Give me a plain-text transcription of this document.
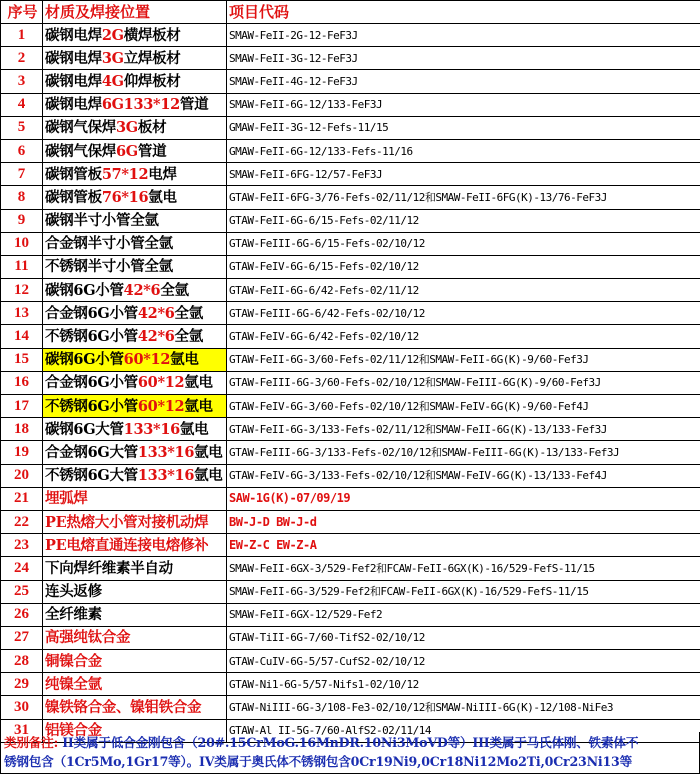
序号	材质及焊接位置	项目代码
1	碳钢电焊2G横焊板材	SMAW-FeII-2G-12-FeF3J
2	碳钢电焊3G立焊板材	SMAW-FeII-3G-12-FeF3J
3	碳钢电焊4G仰焊板材	SMAW-FeII-4G-12-FeF3J
4	碳钢电焊6G133*12管道	SMAW-FeII-6G-12/133-FeF3J
5	碳钢气保焊3G板材	GMAW-FeII-3G-12-Fefs-11/15
6	碳钢气保焊6G管道	GMAW-FeII-6G-12/133-Fefs-11/16
7	碳钢管板57*12电焊	SMAW-FeII-6FG-12/57-FeF3J
8	碳钢管板76*16氩电	GTAW-FeII-6FG-3/76-Fefs-02/11/12和SMAW-FeII-6FG(K)-13/76-FeF3J
9	碳钢半寸小管全氩	GTAW-FeII-6G-6/15-Fefs-02/11/12
10	合金钢半寸小管全氩	GTAW-FeIII-6G-6/15-Fefs-02/10/12
11	不锈钢半寸小管全氩	GTAW-FeIV-6G-6/15-Fefs-02/10/12
12	碳钢6G小管42*6全氩	GTAW-FeII-6G-6/42-Fefs-02/11/12
13	合金钢6G小管42*6全氩	GTAW-FeIII-6G-6/42-Fefs-02/10/12
14	不锈钢6G小管42*6全氩	GTAW-FeIV-6G-6/42-Fefs-02/10/12
15	碳钢6G小管60*12氩电	GTAW-FeII-6G-3/60-Fefs-02/11/12和SMAW-FeII-6G(K)-9/60-Fef3J
16	合金钢6G小管60*12氩电	GTAW-FeIII-6G-3/60-Fefs-02/10/12和SMAW-FeIII-6G(K)-9/60-Fef3J
17	不锈钢6G小管60*12氩电	GTAW-FeIV-6G-3/60-Fefs-02/10/12和SMAW-FeIV-6G(K)-9/60-Fef4J
18	碳钢6G大管133*16氩电	GTAW-FeII-6G-3/133-Fefs-02/11/12和SMAW-FeII-6G(K)-13/133-Fef3J
19	合金钢6G大管133*16氩电	GTAW-FeIII-6G-3/133-Fefs-02/10/12和SMAW-FeIII-6G(K)-13/133-Fef3J
20	不锈钢6G大管133*16氩电	GTAW-FeIV-6G-3/133-Fefs-02/10/12和SMAW-FeIV-6G(K)-13/133-Fef4J
21	埋弧焊	SAW-1G(K)-07/09/19
22	PE热熔大小管对接机动焊	BW-J-D BW-J-d
23	PE电熔直通连接电熔修补	EW-Z-C EW-Z-A
24	下向焊纤维素半自动	SMAW-FeII-6GX-3/529-Fef2和FCAW-FeII-6GX(K)-16/529-FefS-11/15
25	连头返修	SMAW-FeII-6G-3/529-Fef2和FCAW-FeII-6GX(K)-16/529-FefS-11/15
26	全纤维素	SMAW-FeII-6GX-12/529-Fef2
27	高强纯钛合金	GTAW-TiII-6G-7/60-TifS2-02/10/12
28	铜镍合金	GTAW-CuIV-6G-5/57-CufS2-02/10/12
29	纯镍全氩	GTAW-Ni1-6G-5/57-Nifs1-02/10/12
30	镍铁铬合金、镍钼铁合金	GTAW-NiIII-6G-3/108-Fe3-02/10/12和SMAW-NiIII-6G(K)-12/108-NiFe3
31	铝镁合金	GTAW-Al II-5G-7/60-AlfS2-02/11/14
类别备注: II类属于低合金刚包含（20#.15CrMoG.16MnDR.10Ni3MoVD等）III类属于马氏体刚、铁素体不
锈钢包含（1Cr5Mo,1Gr17等）。IV类属于奥氏体不锈钢包含0Cr19Ni9,0Cr18Ni12Mo2Ti,0Cr23Ni13等
